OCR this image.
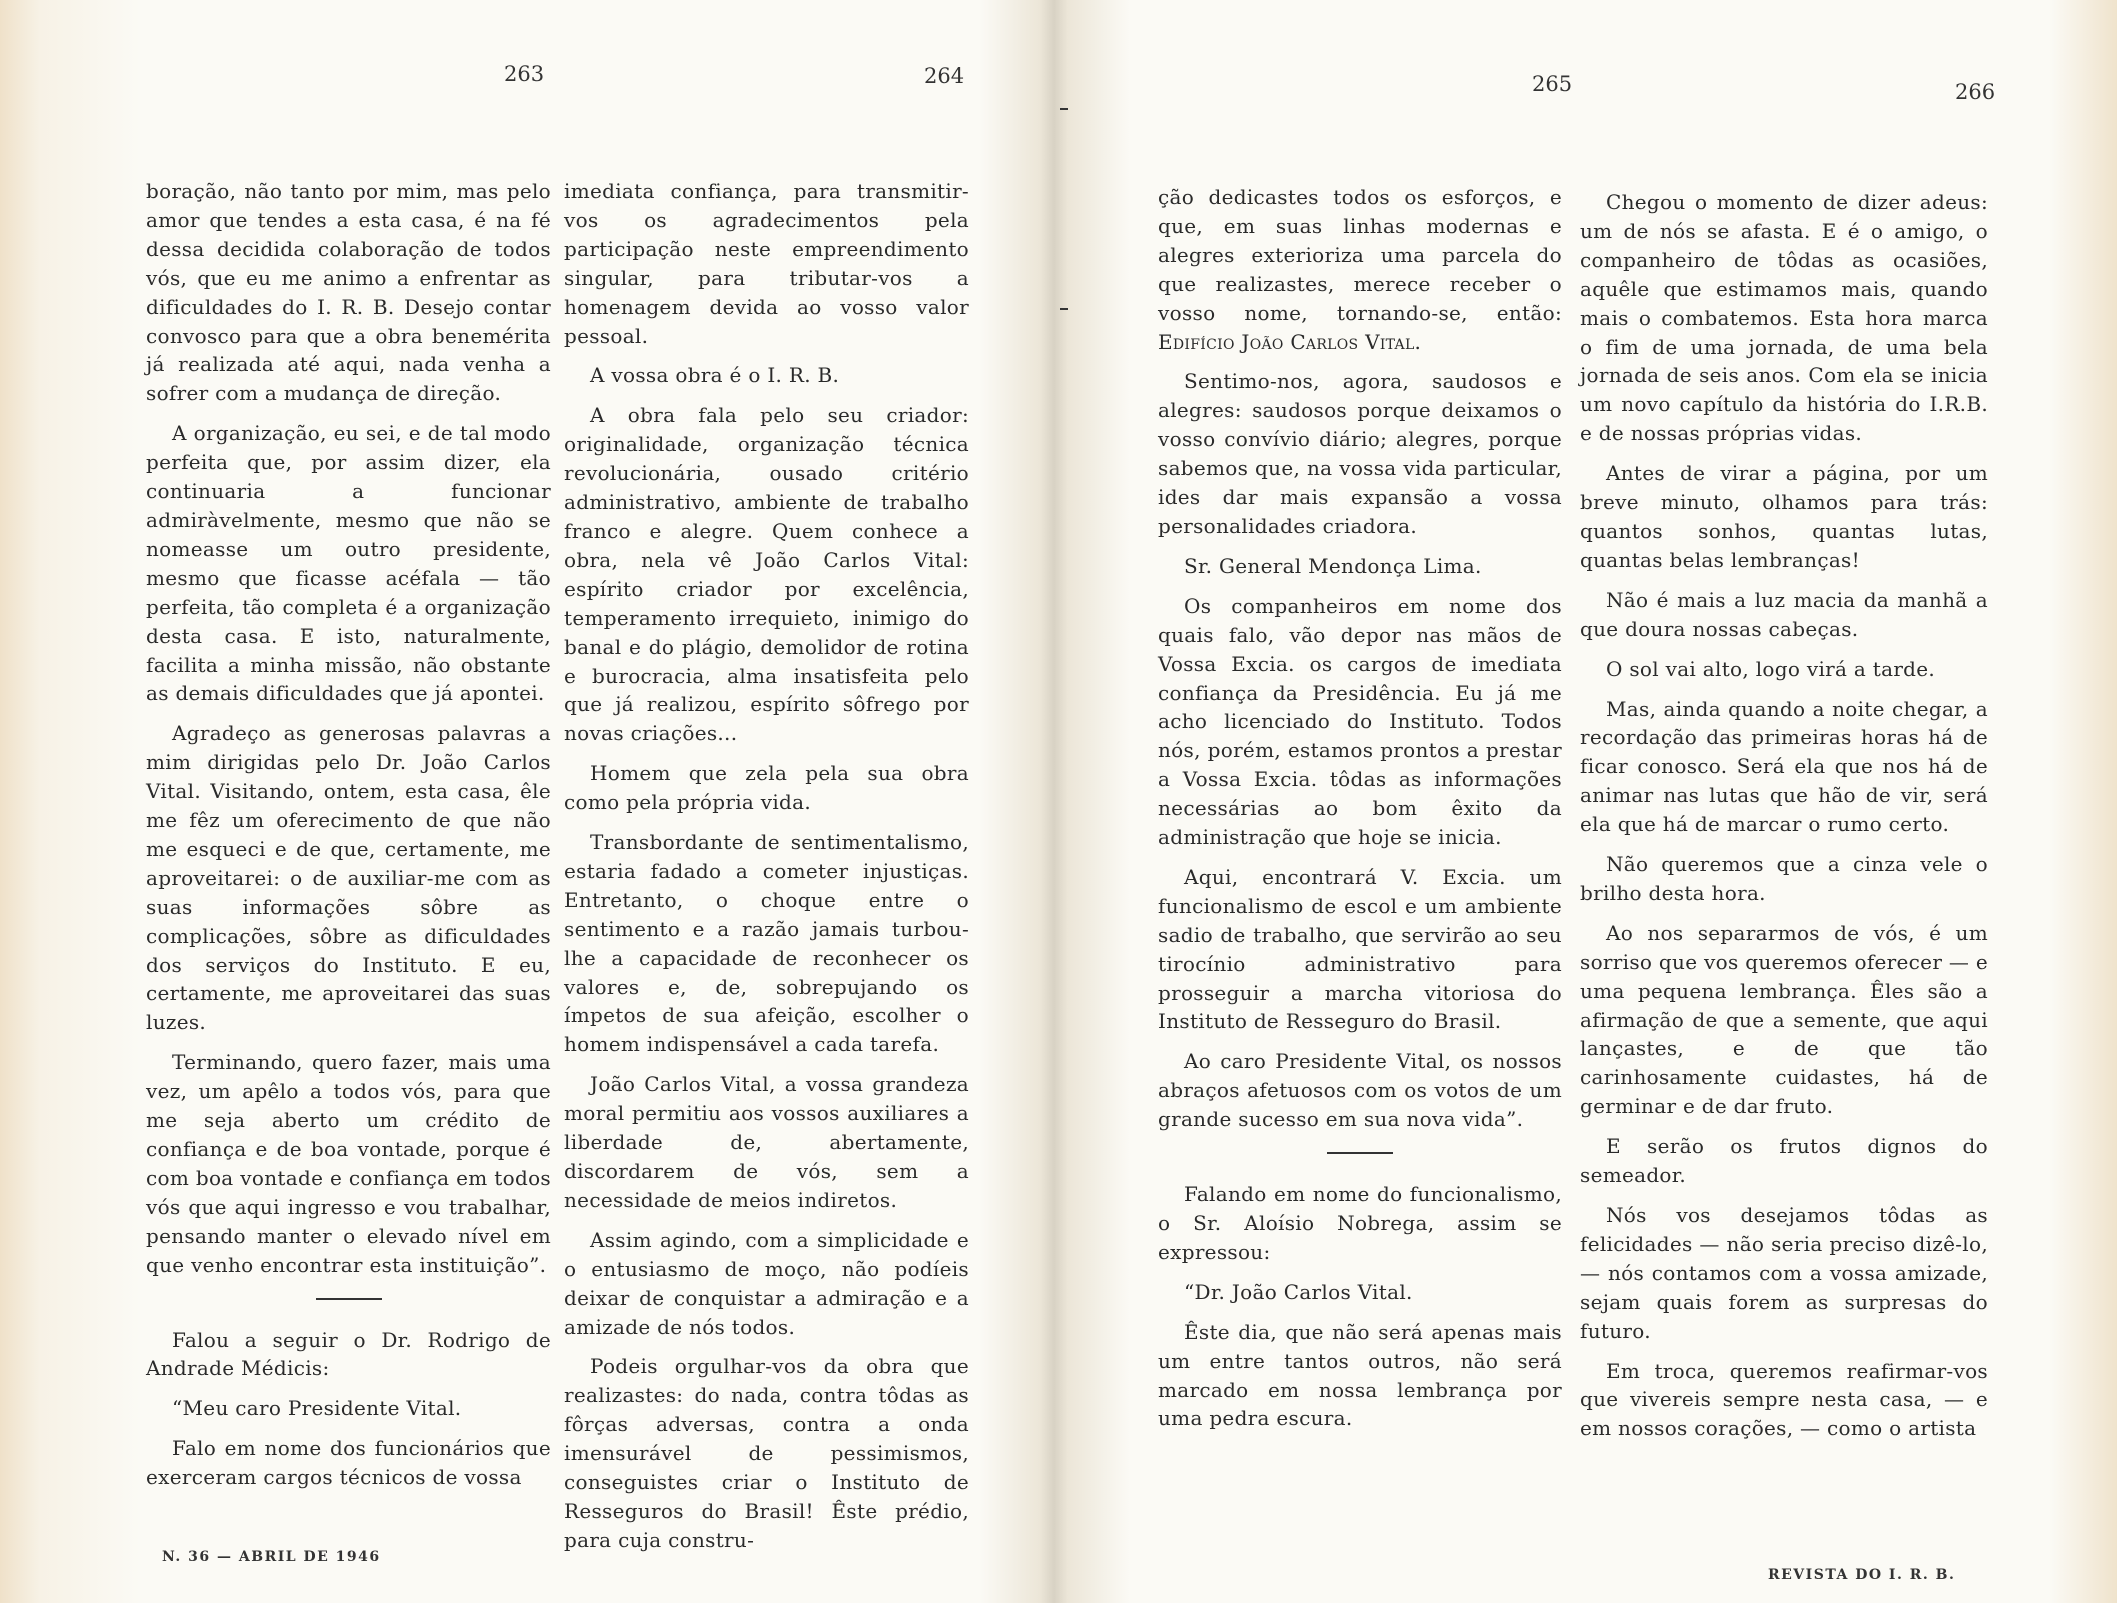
263	264	265	266

boração, não tanto por mim, mas pelo amor que tendes a esta casa, é na fé dessa decidida colaboração de todos vós, que eu me animo a enfrentar as dificuldades do I. R. B. Desejo contar convosco para que a obra benemérita já realizada até aqui, nada venha a sofrer com a mudança de direção.

A organização, eu sei, e de tal modo perfeita que, por assim dizer, ela continuaria a funcionar admiràvelmente, mesmo que não se nomeasse um outro presidente, mesmo que ficasse acéfala — tão perfeita, tão completa é a organização desta casa. E isto, naturalmente, facilita a minha missão, não obstante as demais dificuldades que já apontei.

Agradeço as generosas palavras a mim dirigidas pelo Dr. João Carlos Vital. Visitando, ontem, esta casa, êle me fêz um oferecimento de que não me esqueci e de que, certamente, me aproveitarei: o de auxiliar-me com as suas informações sôbre as complicações, sôbre as dificuldades dos serviços do Instituto. E eu, certamente, me aproveitarei das suas luzes.

Terminando, quero fazer, mais uma vez, um apêlo a todos vós, para que me seja aberto um crédito de confiança e de boa vontade, porque é com boa vontade e confiança em todos vós que aqui ingresso e vou trabalhar, pensando manter o elevado nível em que venho encontrar esta instituição”.

Falou a seguir o Dr. Rodrigo de Andrade Médicis:

“Meu caro Presidente Vital.

Falo em nome dos funcionários que exerceram cargos técnicos de vossa

imediata confiança, para transmitir-vos os agradecimentos pela participação neste empreendimento singular, para tributar-vos a homenagem devida ao vosso valor pessoal.

A vossa obra é o I. R. B.

A obra fala pelo seu criador: originalidade, organização técnica revolucionária, ousado critério administrativo, ambiente de trabalho franco e alegre. Quem conhece a obra, nela vê João Carlos Vital: espírito criador por excelência, temperamento irrequieto, inimigo do banal e do plágio, demolidor de rotina e burocracia, alma insatisfeita pelo que já realizou, espírito sôfrego por novas criações...

Homem que zela pela sua obra como pela própria vida.

Transbordante de sentimentalismo, estaria fadado a cometer injustiças. Entretanto, o choque entre o sentimento e a razão jamais turbou-lhe a capacidade de reconhecer os valores e, de, sobrepujando os ímpetos de sua afeição, escolher o homem indispensável a cada tarefa.

João Carlos Vital, a vossa grandeza moral permitiu aos vossos auxiliares a liberdade de, abertamente, discordarem de vós, sem a necessidade de meios indiretos.

Assim agindo, com a simplicidade e o entusiasmo de moço, não podíeis deixar de conquistar a admiração e a amizade de nós todos.

Podeis orgulhar-vos da obra que realizastes: do nada, contra tôdas as fôrças adversas, contra a onda imensurável de pessimismos, conseguistes criar o Instituto de Resseguros do Brasil! Êste prédio, para cuja constru-

ção dedicastes todos os esforços, e que, em suas linhas modernas e alegres exterioriza uma parcela do que realizastes, merece receber o vosso nome, tornando-se, então: Edifício João Carlos Vital.

Sentimo-nos, agora, saudosos e alegres: saudosos porque deixamos o vosso convívio diário; alegres, porque sabemos que, na vossa vida particular, ides dar mais expansão a vossa personalidades criadora.

Sr. General Mendonça Lima.

Os companheiros em nome dos quais falo, vão depor nas mãos de Vossa Excia. os cargos de imediata confiança da Presidência. Eu já me acho licenciado do Instituto. Todos nós, porém, estamos prontos a prestar a Vossa Excia. tôdas as informações necessárias ao bom êxito da administração que hoje se inicia.

Aqui, encontrará V. Excia. um funcionalismo de escol e um ambiente sadio de trabalho, que servirão ao seu tirocínio administrativo para prosseguir a marcha vitoriosa do Instituto de Resseguro do Brasil.

Ao caro Presidente Vital, os nossos abraços afetuosos com os votos de um grande sucesso em sua nova vida”.

Falando em nome do funcionalismo, o Sr. Aloísio Nobrega, assim se expressou:

“Dr. João Carlos Vital.

Êste dia, que não será apenas mais um entre tantos outros, não será marcado em nossa lembrança por uma pedra escura.

Chegou o momento de dizer adeus: um de nós se afasta. E é o amigo, o companheiro de tôdas as ocasiões, aquêle que estimamos mais, quando mais o combatemos. Esta hora marca o fim de uma jornada, de uma bela jornada de seis anos. Com ela se inicia um novo capítulo da história do I.R.B. e de nossas próprias vidas.

Antes de virar a página, por um breve minuto, olhamos para trás: quantos sonhos, quantas lutas, quantas belas lembranças!

Não é mais a luz macia da manhã a que doura nossas cabeças.

O sol vai alto, logo virá a tarde.

Mas, ainda quando a noite chegar, a recordação das primeiras horas há de ficar conosco. Será ela que nos há de animar nas lutas que hão de vir, será ela que há de marcar o rumo certo.

Não queremos que a cinza vele o brilho desta hora.

Ao nos separarmos de vós, é um sorriso que vos queremos oferecer — e uma pequena lembrança. Êles são a afirmação de que a semente, que aqui lançastes, e de que tão carinhosamente cuidastes, há de germinar e de dar fruto.

E serão os frutos dignos do semeador.

Nós vos desejamos tôdas as felicidades — não seria preciso dizê-lo, — nós contamos com a vossa amizade, sejam quais forem as surpresas do futuro.

Em troca, queremos reafirmar-vos que vivereis sempre nesta casa, — e em nossos corações, — como o artista

N. 36 — ABRIL DE 1946
REVISTA DO I. R. B.
